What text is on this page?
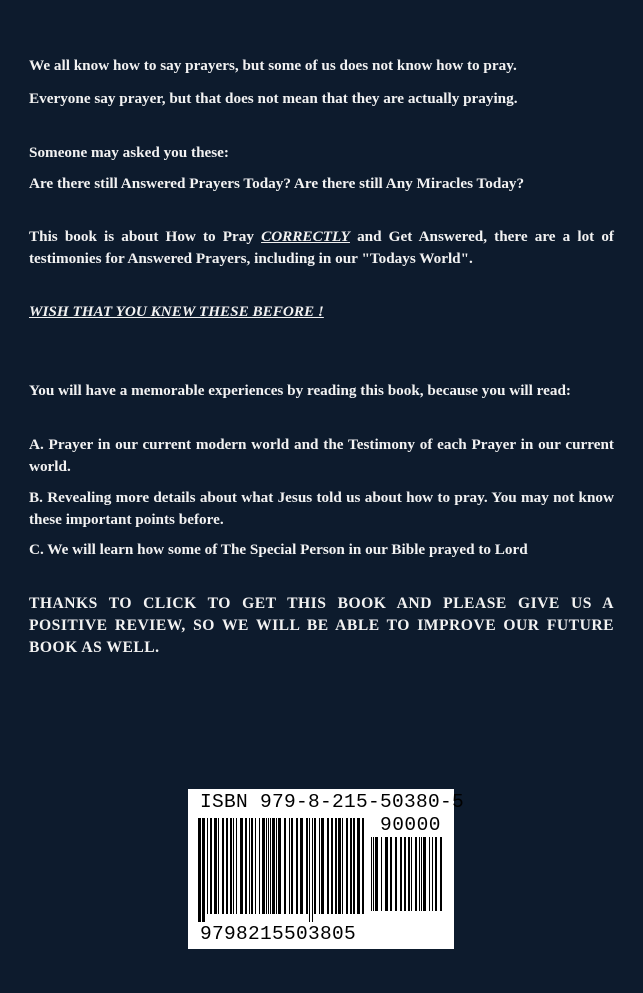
We all know how to say prayers, but some of us does not know how to pray.

Everyone say prayer, but that does not mean that they are actually praying.

Someone may asked you these:

Are there still Answered Prayers Today? Are there still Any Miracles Today?

This book is about How to Pray CORRECTLY and Get Answered, there are a lot of testimonies for Answered Prayers, including in our "Todays World".

WISH THAT YOU KNEW THESE BEFORE !

You will have a memorable experiences by reading this book, because you will read:

A. Prayer in our current modern world and the Testimony of each Prayer in our current world.

B. Revealing more details about what Jesus told us about how to pray. You may not know these important points before.

C. We will learn how some of The Special Person in our Bible prayed to Lord

THANKS TO CLICK TO GET THIS BOOK AND PLEASE GIVE US A POSITIVE REVIEW, SO WE WILL BE ABLE TO IMPROVE OUR FUTURE BOOK AS WELL.

ISBN 979-8-215-50380-5
90000
9798215503805
